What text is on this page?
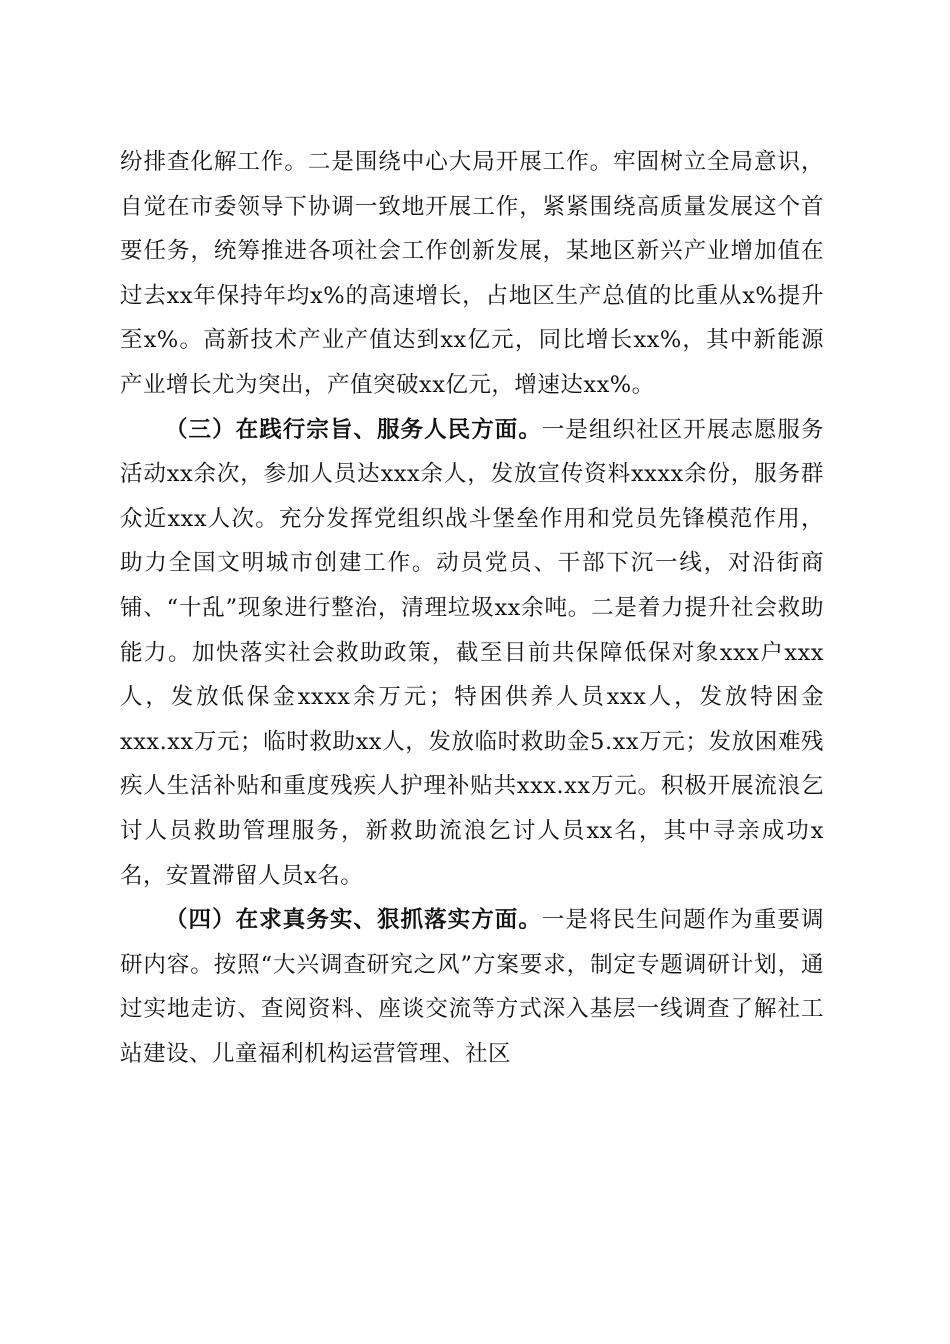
纷排查化解工作。二是围绕中心大局开展工作。牢固树立全局意识，自觉在市委领导下协调一致地开展工作，紧紧围绕高质量发展这个首要任务，统筹推进各项社会工作创新发展，某地区新兴产业增加值在过去xx年保持年均x%的高速增长，占地区生产总值的比重从x%提升至x%。高新技术产业产值达到xx亿元，同比增长xx%，其中新能源产业增长尤为突出，产值突破xx亿元，增速达xx%。

（三）在践行宗旨、服务人民方面。一是组织社区开展志愿服务活动xx余次，参加人员达xxx余人，发放宣传资料xxxx余份，服务群众近xxx人次。充分发挥党组织战斗堡垒作用和党员先锋模范作用，助力全国文明城市创建工作。动员党员、干部下沉一线，对沿街商铺、“十乱”现象进行整治，清理垃圾xx余吨。二是着力提升社会救助能力。加快落实社会救助政策，截至目前共保障低保对象xxx户xxx人，发放低保金xxxx余万元；特困供养人员xxx人，发放特困金xxx.xx万元；临时救助xx人，发放临时救助金5.xx万元；发放困难残疾人生活补贴和重度残疾人护理补贴共xxx.xx万元。积极开展流浪乞讨人员救助管理服务，新救助流浪乞讨人员xx名，其中寻亲成功x名，安置滞留人员x名。

（四）在求真务实、狠抓落实方面。一是将民生问题作为重要调研内容。按照“大兴调查研究之风”方案要求，制定专题调研计划，通过实地走访、查阅资料、座谈交流等方式深入基层一线调查了解社工站建设、儿童福利机构运营管理、社区
